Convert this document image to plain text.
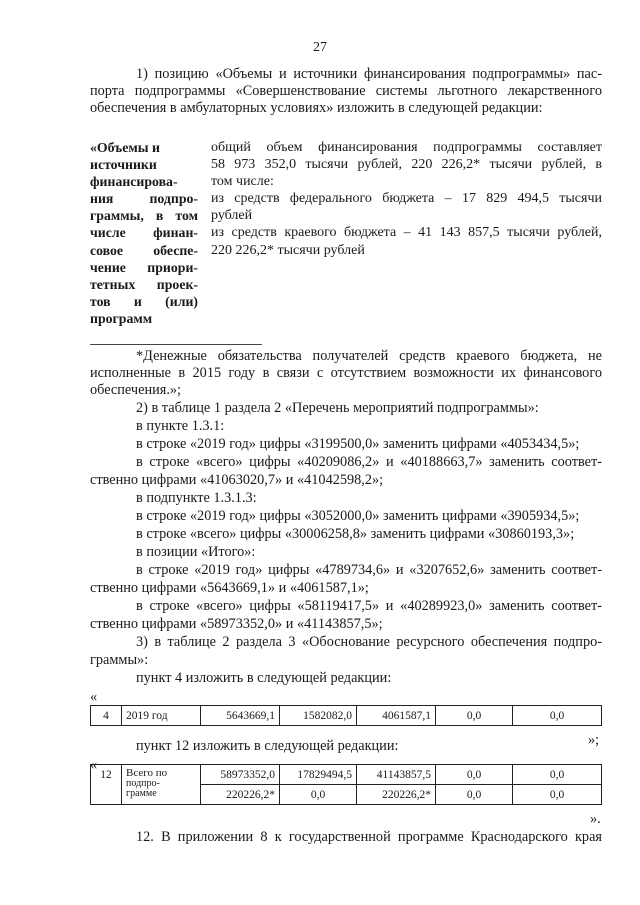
27
1) позицию «Объемы и источники финансирования подпрограммы» пас-
порта подпрограммы «Совершенствование системы льготного лекарственного
обеспечения в амбулаторных условиях» изложить в следующей редакции:
«Объемы и
источники
финансирова-
ния подпро-
граммы, в том
числе финан-
совое обеспе-
чение приори-
тетных проек-
тов и (или)
программ
общий объем финансирования подпрограммы составляет
58 973 352,0 тысячи рублей, 220 226,2* тысячи рублей, в
том числе:
из средств федерального бюджета – 17 829 494,5 тысячи
рублей
из средств краевого бюджета – 41 143 857,5 тысячи рублей,
220 226,2* тысячи рублей
*Денежные обязательства получателей средств краевого бюджета, не
исполненные в 2015 году в связи с отсутствием возможности их финансового
обеспечения.»;
2) в таблице 1 раздела 2 «Перечень мероприятий подпрограммы»:
в пункте 1.3.1:
в строке «2019 год» цифры «3199500,0» заменить цифрами «4053434,5»;
в строке «всего» цифры «40209086,2» и «40188663,7» заменить соответ-
ственно цифрами «41063020,7» и «41042598,2»;
в подпункте 1.3.1.3:
в строке «2019 год» цифры «3052000,0» заменить цифрами «3905934,5»;
в строке «всего» цифры «30006258,8» заменить цифрами «30860193,3»;
в позиции «Итого»:
в строке «2019 год» цифры «4789734,6» и «3207652,6» заменить соответ-
ственно цифрами «5643669,1» и «4061587,1»;
в строке «всего» цифры «58119417,5» и «40289923,0» заменить соответ-
ственно цифрами «58973352,0» и «41143857,5»;
3) в таблице 2 раздела 3 «Обоснование ресурсного обеспечения подпро-
граммы»:
пункт 4 изложить в следующей редакции:
«
4	2019 год	5643669,1	1582082,0	4061587,1	0,0	0,0
»;
пункт 12 изложить в следующей редакции:
«
12	Всего по
подпро-
грамме	58973352,0	17829494,5	41143857,5	0,0	0,0
		220226,2*	0,0	220226,2*	0,0	0,0
».
12. В приложении 8 к государственной программе Краснодарского края
